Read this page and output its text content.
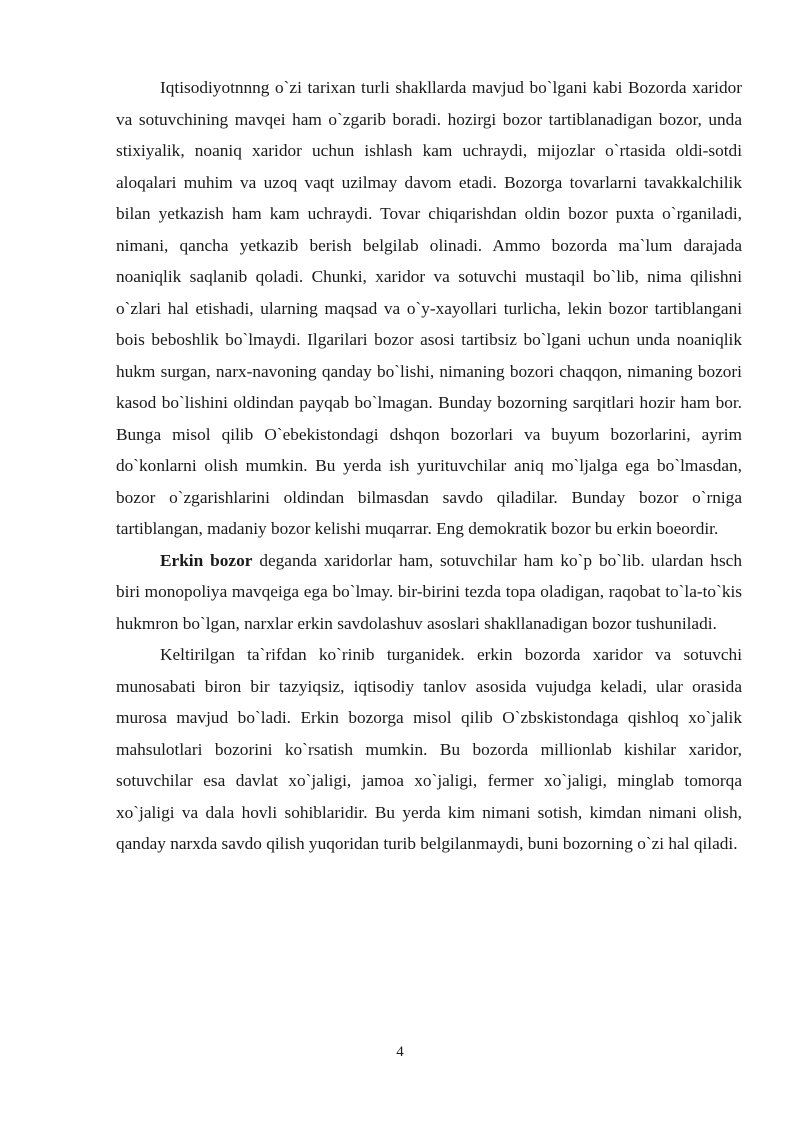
Iqtisodiyotnnng o`zi tarixan turli shakllarda mavjud bo`lgani kabi Bozorda xaridor va sotuvchining mavqei ham o`zgarib boradi. hozirgi bozor tartiblanadigan bozor, unda stixiyalik, noaniq xaridor uchun ishlash kam uchraydi, mijozlar o`rtasida oldi-sotdi aloqalari muhim va uzoq vaqt uzilmay davom etadi. Bozorga tovarlarni tavakkalchilik bilan yetkazish ham kam uchraydi. Tovar chiqarishdan oldin bozor puxta o`rganiladi, nimani, qancha yetkazib berish belgilab olinadi. Ammo bozorda ma`lum darajada noaniqlik saqlanib qoladi. Chunki, xaridor va sotuvchi mustaqil bo`lib, nima qilishni o`zlari hal etishadi, ularning maqsad va o`y-xayollari turlicha, lekin bozor tartiblangani bois beboshlik bo`lmaydi. Ilgarilari bozor asosi tartibsiz bo`lgani uchun unda noaniqlik hukm surgan, narx-navoning qanday bo`lishi, nimaning bozori chaqqon, nimaning bozori kasod bo`lishini oldindan payqab bo`lmagan. Bunday bozorning sarqitlari hozir ham bor. Bunga misol qilib O`ebekistondagi dshqon bozorlari va buyum bozorlarini, ayrim do`konlarni olish mumkin. Bu yerda ish yurituvchilar aniq mo`ljalga ega bo`lmasdan, bozor o`zgarishlarini oldindan bilmasdan savdo qiladilar. Bunday bozor o`rniga tartiblangan, madaniy bozor kelishi muqarrar. Eng demokratik bozor bu erkin boeordir.

Erkin bozor deganda xaridorlar ham, sotuvchilar ham ko`p bo`lib. ulardan hsch biri monopoliya mavqeiga ega bo`lmay. bir-birini tezda topa oladigan, raqobat to`la-to`kis hukmron bo`lgan, narxlar erkin savdolashuv asoslari shakllanadigan bozor tushuniladi.

Keltirilgan ta`rifdan ko`rinib turganidek. erkin bozorda xaridor va sotuvchi munosabati biron bir tazyiqsiz, iqtisodiy tanlov asosida vujudga keladi, ular orasida murosa mavjud bo`ladi. Erkin bozorga misol qilib O`zbskistondaga qishloq xo`jalik mahsulotlari bozorini ko`rsatish mumkin. Bu bozorda millionlab kishilar xaridor, sotuvchilar esa davlat xo`jaligi, jamoa xo`jaligi, fermer xo`jaligi, minglab tomorqa xo`jaligi va dala hovli sohiblaridir. Bu yerda kim nimani sotish, kimdan nimani olish, qanday narxda savdo qilish yuqoridan turib belgilanmaydi, buni bozorning o`zi hal qiladi.

4
